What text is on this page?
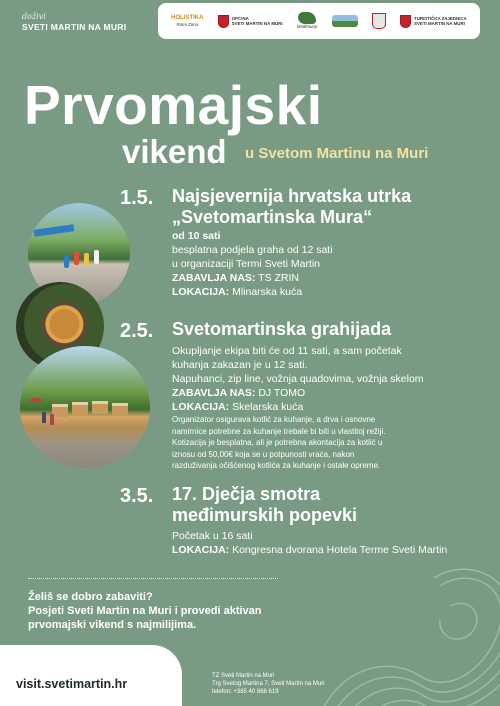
doživi
SVETI MARTIN NA MURI
HOLISTIKA
Romi Zona
OPĆINA
SVETI MARTIN NA MURI
Međimurje
TURISTIČKA ZAJEDNICA
SVETI MARTIN NA MURI
Prvomajski
vikend u Svetom Martinu na Muri
1.5. Najsjevernija hrvatska utrka
„Svetomartinska Mura“
od 10 sati
besplatna podjela graha od 12 sati
u organizaciji Termi Sveti Martin
ZABAVLJA NAS: TS ZRIN
LOKACIJA: Mlinarska kuća
2.5. Svetomartinska grahijada
Okupljanje ekipa biti će od 11 sati, a sam početak
kuhanja zakazan je u 12 sati.
Napuhanci, zip line, vožnja quadovima, vožnja skelom
ZABAVLJA NAS: DJ TOMO
LOKACIJA: Skelarska kuća
Organizator osigurava kotlić za kuhanje, a drva i osnovne
namirnice potrebne za kuhanje trebale bi biti u vlastitoj režiji.
Kotizacija je besplatna, ali je potrebna akontacija za kotlić u
iznosu od 50,00€ koja se u potpunosti vraća, nakon
razduživanja očišćenog kotlića za kuhanje i ostale opreme.
3.5. 17. Dječja smotra
međimurskih popevki
Početak u 16 sati
LOKACIJA: Kongresna dvorana Hotela Terme Sveti Martin
Želiš se dobro zabaviti?
Posjeti Sveti Martin na Muri i provedi aktivan
prvomajski vikend s najmilijima.
visit.svetimartin.hr
TZ Sveti Martin na Muri
Trg Svetog Martina 7, Sveti Martin na Muri
telefon: +385 40 868 619
